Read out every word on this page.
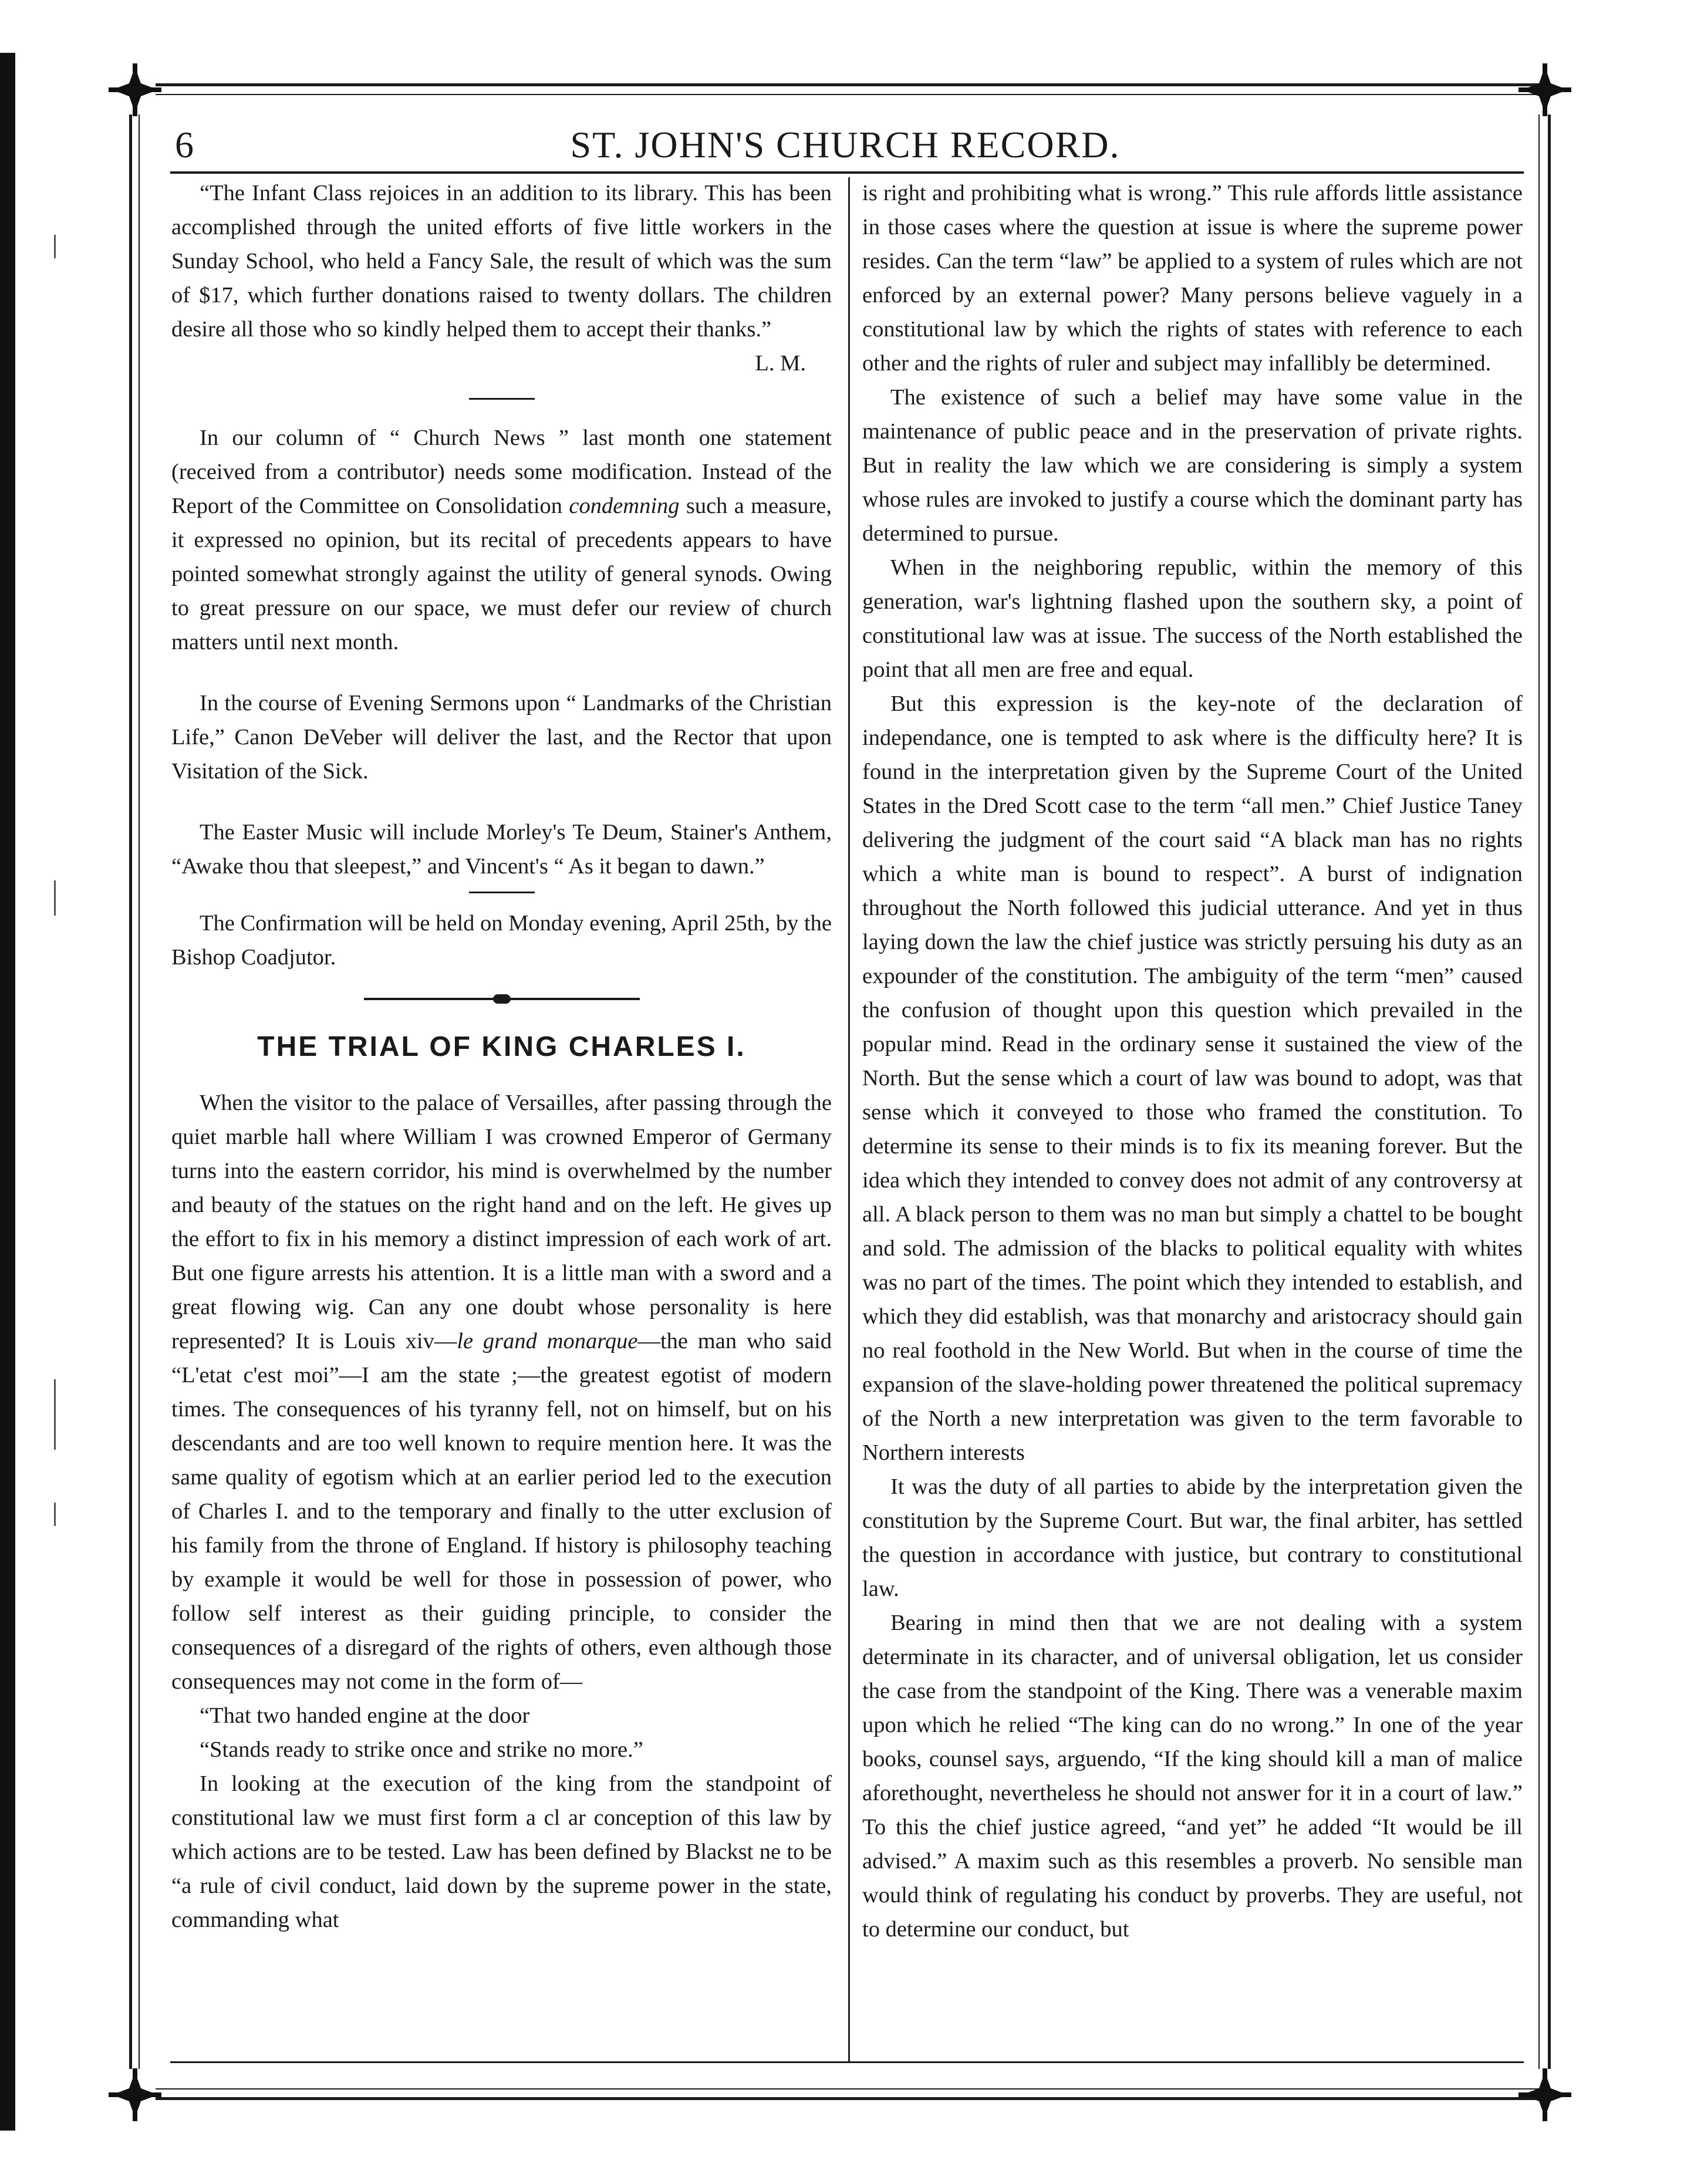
ST. JOHN'S CHURCH RECORD.
6

“The Infant Class rejoices in an addition to its library. This has been accomplished through the united efforts of five little workers in the Sunday School, who held a Fancy Sale, the result of which was the sum of $17, which further donations raised to twenty dollars. The children desire all those who so kindly helped them to accept their thanks.”
L. M.

In our column of “ Church News ” last month one statement (received from a contributor) needs some modification. Instead of the Report of the Committee on Consolidation condemning such a measure, it expressed no opinion, but its recital of precedents appears to have pointed somewhat strongly against the utility of general synods. Owing to great pressure on our space, we must defer our review of church matters until next month.

In the course of Evening Sermons upon “ Landmarks of the Christian Life,” Canon DeVeber will deliver the last, and the Rector that upon Visitation of the Sick.

The Easter Music will include Morley's Te Deum, Stainer's Anthem, “Awake thou that sleepest,” and Vincent's “ As it began to dawn.”

The Confirmation will be held on Monday evening, April 25th, by the Bishop Coadjutor.

THE TRIAL OF KING CHARLES I.

When the visitor to the palace of Versailles, after passing through the quiet marble hall where William I was crowned Emperor of Germany turns into the eastern corridor, his mind is overwhelmed by the number and beauty of the statues on the right hand and on the left. He gives up the effort to fix in his memory a distinct impression of each work of art. But one figure arrests his attention. It is a little man with a sword and a great flowing wig. Can any one doubt whose personality is here represented? It is Louis xiv—le grand monarque—the man who said “L'etat c'est moi”—I am the state ;—the greatest egotist of modern times. The consequences of his tyranny fell, not on himself, but on his descendants and are too well known to require mention here. It was the same quality of egotism which at an earlier period led to the execution of Charles I. and to the temporary and finally to the utter exclusion of his family from the throne of England. If history is philosophy teaching by example it would be well for those in possession of power, who follow self interest as their guiding principle, to consider the consequences of a disregard of the rights of others, even although those consequences may not come in the form of—

“That two handed engine at the door

“Stands ready to strike once and strike no more.”

In looking at the execution of the king from the standpoint of constitutional law we must first form a cl ar conception of this law by which actions are to be tested. Law has been defined by Blackst ne to be “a rule of civil conduct, laid down by the supreme power in the state, commanding what

is right and prohibiting what is wrong.” This rule affords little assistance in those cases where the question at issue is where the supreme power resides. Can the term “law” be applied to a system of rules which are not enforced by an external power? Many persons believe vaguely in a constitutional law by which the rights of states with reference to each other and the rights of ruler and subject may infallibly be determined.

The existence of such a belief may have some value in the maintenance of public peace and in the preservation of private rights. But in reality the law which we are considering is simply a system whose rules are invoked to justify a course which the dominant party has determined to pursue.

When in the neighboring republic, within the memory of this generation, war's lightning flashed upon the southern sky, a point of constitutional law was at issue. The success of the North established the point that all men are free and equal.

But this expression is the key-note of the declaration of independance, one is tempted to ask where is the difficulty here? It is found in the interpretation given by the Supreme Court of the United States in the Dred Scott case to the term “all men.” Chief Justice Taney delivering the judgment of the court said “A black man has no rights which a white man is bound to respect”. A burst of indignation throughout the North followed this judicial utterance. And yet in thus laying down the law the chief justice was strictly persuing his duty as an expounder of the constitution. The ambiguity of the term “men” caused the confusion of thought upon this question which prevailed in the popular mind. Read in the ordinary sense it sustained the view of the North. But the sense which a court of law was bound to adopt, was that sense which it conveyed to those who framed the constitution. To determine its sense to their minds is to fix its meaning forever. But the idea which they intended to convey does not admit of any controversy at all. A black person to them was no man but simply a chattel to be bought and sold. The admission of the blacks to political equality with whites was no part of the times. The point which they intended to establish, and which they did establish, was that monarchy and aristocracy should gain no real foothold in the New World. But when in the course of time the expansion of the slave-holding power threatened the political supremacy of the North a new interpretation was given to the term favorable to Northern interests

It was the duty of all parties to abide by the interpretation given the constitution by the Supreme Court. But war, the final arbiter, has settled the question in accordance with justice, but contrary to constitutional law.

Bearing in mind then that we are not dealing with a system determinate in its character, and of universal obligation, let us consider the case from the standpoint of the King. There was a venerable maxim upon which he relied “The king can do no wrong.” In one of the year books, counsel says, arguendo, “If the king should kill a man of malice aforethought, nevertheless he should not answer for it in a court of law.” To this the chief justice agreed, “and yet” he added “It would be ill advised.” A maxim such as this resembles a proverb. No sensible man would think of regulating his conduct by proverbs. They are useful, not to determine our conduct, but
